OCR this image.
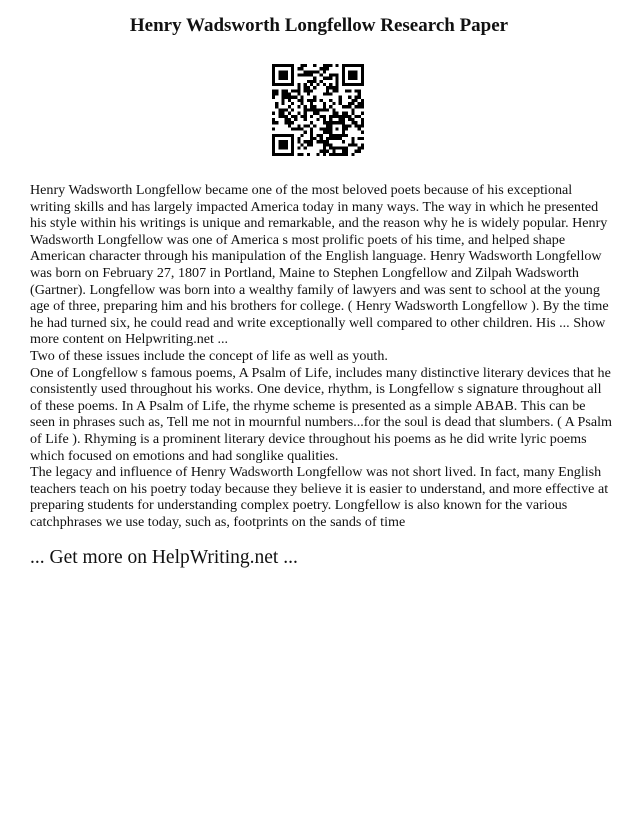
Henry Wadsworth Longfellow Research Paper

Henry Wadsworth Longfellow became one of the most beloved poets because of his exceptional writing skills and has largely impacted America today in many ways. The way in which he presented his style within his writings is unique and remarkable, and the reason why he is widely popular. Henry Wadsworth Longfellow was one of America s most prolific poets of his time, and helped shape American character through his manipulation of the English language. Henry Wadsworth Longfellow was born on February 27, 1807 in Portland, Maine to Stephen Longfellow and Zilpah Wadsworth (Gartner). Longfellow was born into a wealthy family of lawyers and was sent to school at the young age of three, preparing him and his brothers for college. ( Henry Wadsworth Longfellow ). By the time he had turned six, he could read and write exceptionally well compared to other children. His ... Show more content on Helpwriting.net ...

Two of these issues include the concept of life as well as youth.

One of Longfellow s famous poems, A Psalm of Life, includes many distinctive literary devices that he consistently used throughout his works. One device, rhythm, is Longfellow s signature throughout all of these poems. In A Psalm of Life, the rhyme scheme is presented as a simple ABAB. This can be seen in phrases such as, Tell me not in mournful numbers...for the soul is dead that slumbers. ( A Psalm of Life ). Rhyming is a prominent literary device throughout his poems as he did write lyric poems which focused on emotions and had songlike qualities.

The legacy and influence of Henry Wadsworth Longfellow was not short lived. In fact, many English teachers teach on his poetry today because they believe it is easier to understand, and more effective at preparing students for understanding complex poetry. Longfellow is also known for the various catchphrases we use today, such as, footprints on the sands of time

... Get more on HelpWriting.net ...
